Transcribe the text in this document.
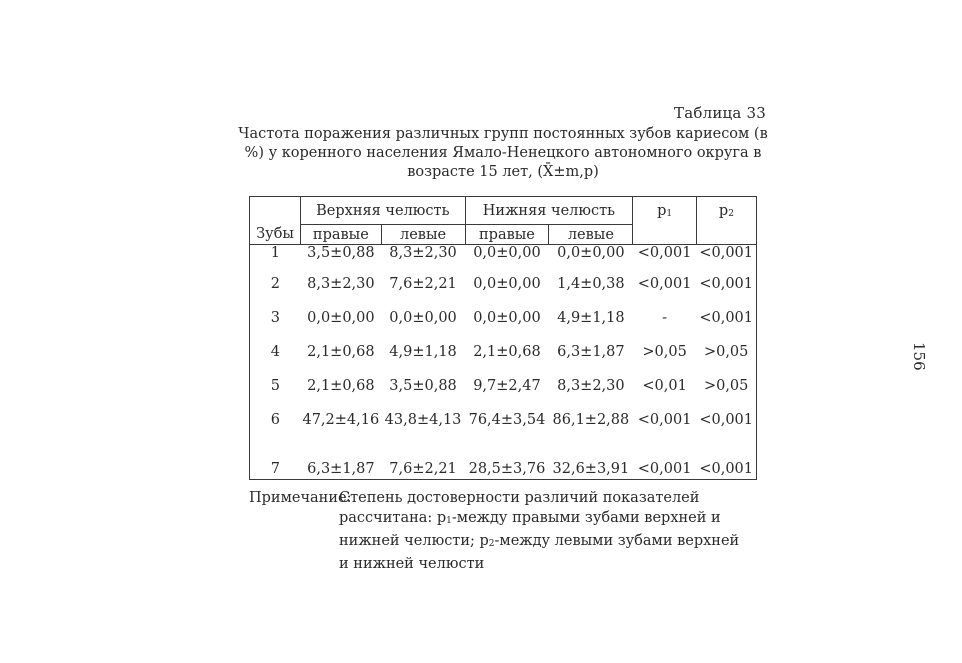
Таблица 33
Частота поражения различных групп постоянных зубов кариесом (в %) у коренного населения Ямало-Ненецкого автономного округа в возрасте 15 лет, (X̄±m,p)
	Верхняя челюсть		Нижняя челюсть		p1	p2
Зубы	правые	левые	правые	левые		
1	3,5±0,88	8,3±2,30	0,0±0,00	0,0±0,00	<0,001	<0,001
2	8,3±2,30	7,6±2,21	0,0±0,00	1,4±0,38	<0,001	<0,001
3	0,0±0,00	0,0±0,00	0,0±0,00	4,9±1,18	-	<0,001
4	2,1±0,68	4,9±1,18	2,1±0,68	6,3±1,87	>0,05	>0,05
5	2,1±0,68	3,5±0,88	9,7±2,47	8,3±2,30	<0,01	>0,05
6	47,2±4,16	43,8±4,13	76,4±3,54	86,1±2,88	<0,001	<0,001
7	6,3±1,87	7,6±2,21	28,5±3,76	32,6±3,91	<0,001	<0,001
Примечание:
Степень достоверности различий показателей рассчитана: p1-между правыми зубами верхней и нижней челюсти; p2-между левыми зубами верхней и нижней челюсти
156
